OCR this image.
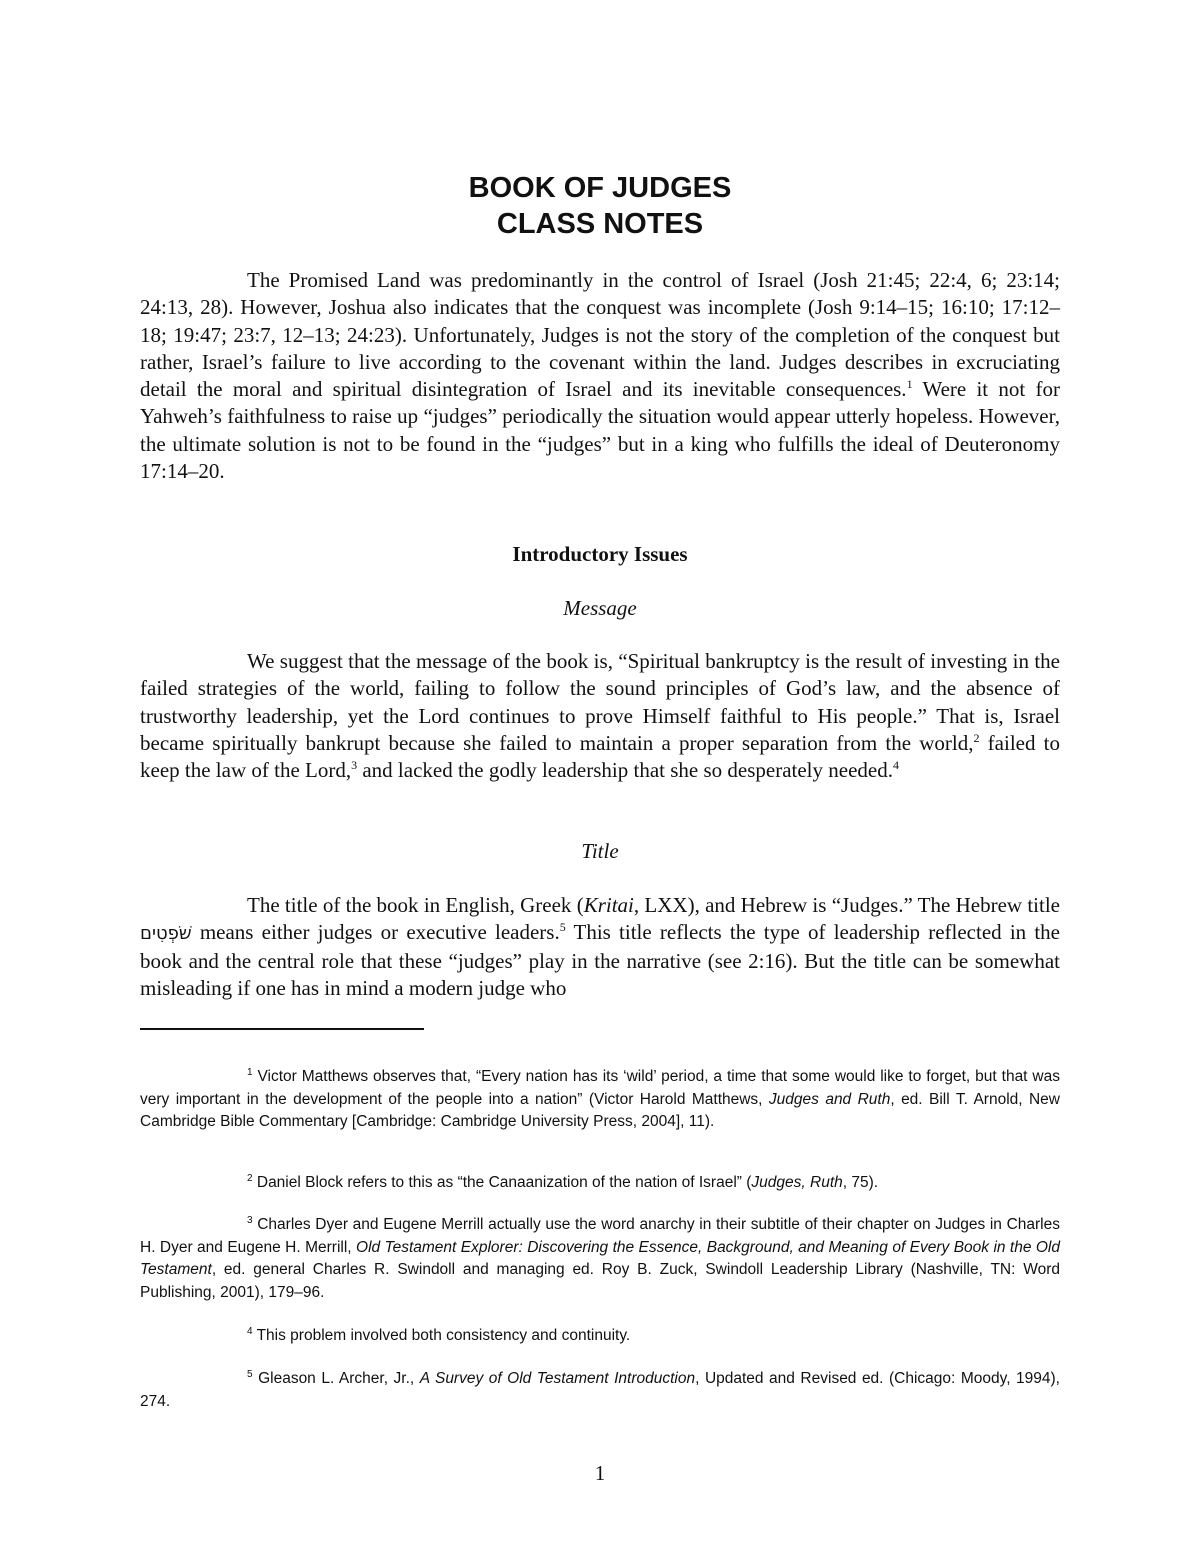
BOOK OF JUDGES
CLASS NOTES

The Promised Land was predominantly in the control of Israel (Josh 21:45; 22:4, 6; 23:14; 24:13, 28). However, Joshua also indicates that the conquest was incomplete (Josh 9:14–15; 16:10; 17:12–18; 19:47; 23:7, 12–13; 24:23). Unfortunately, Judges is not the story of the completion of the conquest but rather, Israel’s failure to live according to the covenant within the land. Judges describes in excruciating detail the moral and spiritual disintegration of Israel and its inevitable consequences.$^1$ Were it not for Yahweh’s faithfulness to raise up “judges” periodically the situation would appear utterly hopeless. However, the ultimate solution is not to be found in the “judges” but in a king who fulfills the ideal of Deuteronomy 17:14–20.

Introductory Issues
Message

We suggest that the message of the book is, “Spiritual bankruptcy is the result of investing in the failed strategies of the world, failing to follow the sound principles of God’s law, and the absence of trustworthy leadership, yet the Lord continues to prove Himself faithful to His people.” That is, Israel became spiritually bankrupt because she failed to maintain a proper separation from the world,$^2$ failed to keep the law of the Lord,$^3$ and lacked the godly leadership that she so desperately needed.$^4$

Title

The title of the book in English, Greek (Kritai, LXX), and Hebrew is “Judges.” The Hebrew title שֹׁפְטִים means either judges or executive leaders.$^5$ This title reflects the type of leadership reflected in the book and the central role that these “judges” play in the narrative (see 2:16). But the title can be somewhat misleading if one has in mind a modern judge who

$^1$ Victor Matthews observes that, “Every nation has its ‘wild’ period, a time that some would like to forget, but that was very important in the development of the people into a nation” (Victor Harold Matthews, Judges and Ruth, ed. Bill T. Arnold, New Cambridge Bible Commentary [Cambridge: Cambridge University Press, 2004], 11).

$^2$ Daniel Block refers to this as “the Canaanization of the nation of Israel” (Judges, Ruth, 75).

$^3$ Charles Dyer and Eugene Merrill actually use the word anarchy in their subtitle of their chapter on Judges in Charles H. Dyer and Eugene H. Merrill, Old Testament Explorer: Discovering the Essence, Background, and Meaning of Every Book in the Old Testament, ed. general Charles R. Swindoll and managing ed. Roy B. Zuck, Swindoll Leadership Library (Nashville, TN: Word Publishing, 2001), 179–96.

$^4$ This problem involved both consistency and continuity.

$^5$ Gleason L. Archer, Jr., A Survey of Old Testament Introduction, Updated and Revised ed. (Chicago: Moody, 1994), 274.

1
